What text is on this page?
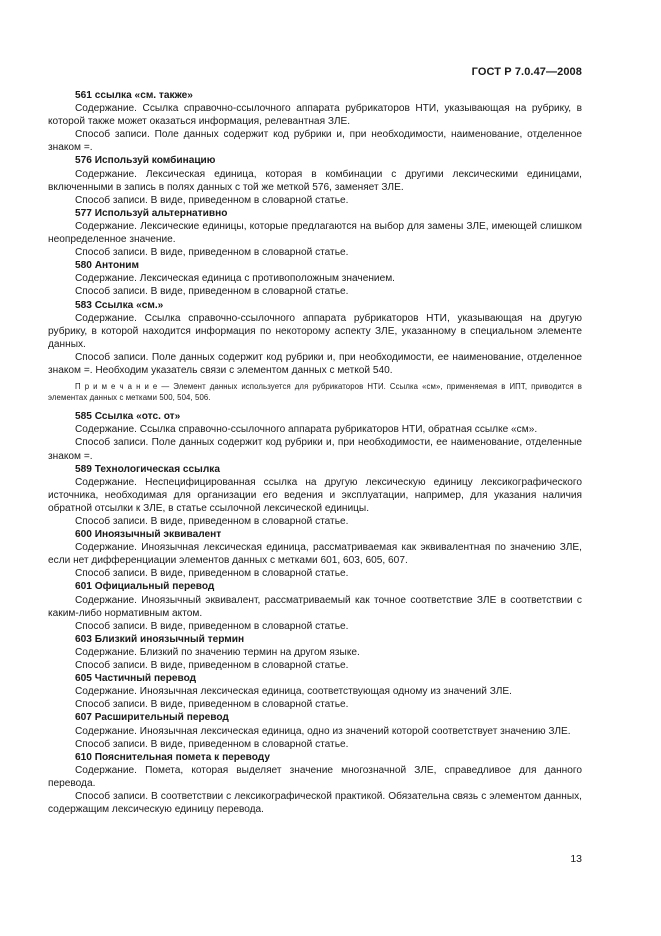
ГОСТ Р 7.0.47—2008

561 ссылка «см. также»

Содержание. Ссылка справочно-ссылочного аппарата рубрикаторов НТИ, указывающая на рубрику, в которой также может оказаться информация, релевантная ЗЛЕ.

Способ записи. Поле данных содержит код рубрики и, при необходимости, наименование, отделенное знаком =.

576 Используй комбинацию

Содержание. Лексическая единица, которая в комбинации с другими лексическими единицами, включенными в запись в полях данных с той же меткой 576, заменяет ЗЛЕ.

Способ записи. В виде, приведенном в словарной статье.

577 Используй альтернативно

Содержание. Лексические единицы, которые предлагаются на выбор для замены ЗЛЕ, имеющей слишком неопределенное значение.

Способ записи. В виде, приведенном в словарной статье.

580 Антоним

Содержание. Лексическая единица с противоположным значением.

Способ записи. В виде, приведенном в словарной статье.

583 Ссылка «см.»

Содержание. Ссылка справочно-ссылочного аппарата рубрикаторов НТИ, указывающая на другую рубрику, в которой находится информация по некоторому аспекту ЗЛЕ, указанному в специальном элементе данных.

Способ записи. Поле данных содержит код рубрики и, при необходимости, ее наименование, отделенное знаком =. Необходим указатель связи с элементом данных с меткой 540.

П р и м е ч а н и е — Элемент данных используется для рубрикаторов НТИ. Ссылка «см», применяемая в ИПТ, приводится в элементах данных с метками 500, 504, 506.

585 Ссылка «отс. от»

Содержание. Ссылка справочно-ссылочного аппарата рубрикаторов НТИ, обратная ссылке «см».

Способ записи. Поле данных содержит код рубрики и, при необходимости, ее наименование, отделенные знаком =.

589 Технологическая ссылка

Содержание. Неспецифицированная ссылка на другую лексическую единицу лексикографического источника, необходимая для организации его ведения и эксплуатации, например, для указания наличия обратной отсылки к ЗЛЕ, в статье ссылочной лексической единицы.

Способ записи. В виде, приведенном в словарной статье.

600 Иноязычный эквивалент

Содержание. Иноязычная лексическая единица, рассматриваемая как эквивалентная по значению ЗЛЕ, если нет дифференциации элементов данных с метками 601, 603, 605, 607.

Способ записи. В виде, приведенном в словарной статье.

601 Официальный перевод

Содержание. Иноязычный эквивалент, рассматриваемый как точное соответствие ЗЛЕ в соответствии с каким-либо нормативным актом.

Способ записи. В виде, приведенном в словарной статье.

603 Близкий иноязычный термин

Содержание. Близкий по значению термин на другом языке.

Способ записи. В виде, приведенном в словарной статье.

605 Частичный перевод

Содержание. Иноязычная лексическая единица, соответствующая одному из значений ЗЛЕ.

Способ записи. В виде, приведенном в словарной статье.

607 Расширительный перевод

Содержание. Иноязычная лексическая единица, одно из значений которой соответствует значению ЗЛЕ.

Способ записи. В виде, приведенном в словарной статье.

610 Пояснительная помета к переводу

Содержание. Помета, которая выделяет значение многозначной ЗЛЕ, справедливое для данного перевода.

Способ записи. В соответствии с лексикографической практикой. Обязательна связь с элементом данных, содержащим лексическую единицу перевода.

13
